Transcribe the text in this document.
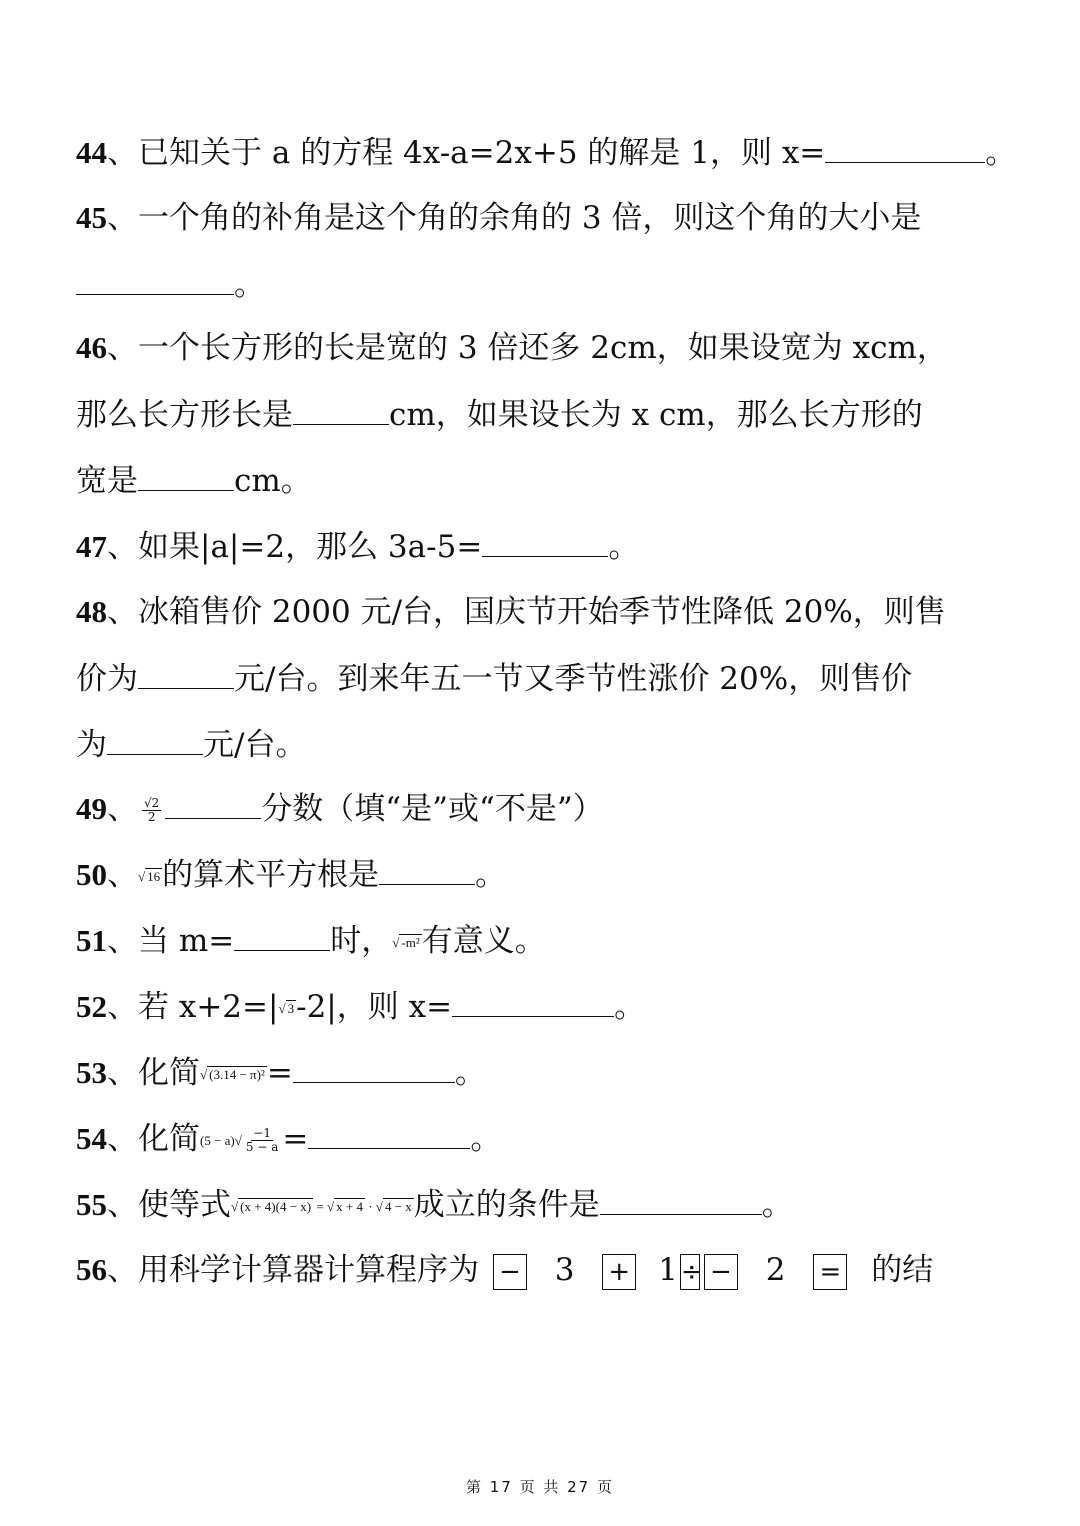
44、已知关于 a 的方程 4x-a=2x+5 的解是 1，则 x=	。
45、一个角的补角是这个角的余角的 3 倍，则这个角的大小是
。
46、一个长方形的长是宽的 3 倍还多 2cm，如果设宽为 xcm，
那么长方形长是	cm，如果设长为 x cm，那么长方形的
宽是	cm。
47、如果|a|=2，那么 3a-5=	。
48、冰箱售价 2000 元/台，国庆节开始季节性降低 20%，则售
价为	元/台。到来年五一节又季节性涨价 20%，则售价
为	元/台。
49、 $\frac{√2}{2}$	分数（填“是”或“不是”）
50、√ 16的算术平方根是	。
51、当 m=	时，√ -m²有意义。
52、若 x+2=|√ 3-2|，则 x=	。
53、化简√ (3.14 − π)²=	。
54、化简$(5 - a)√ \frac{-1}{5 - a}$ =	。
55、使等式√ (x + 4)(4 − x) = √ x + 4 · √ 4 − x成立的条件是	。
56、用科学计算器计算程序为 − 3 + 1 ÷ − 2 = 的结
第 17 页 共 27 页
